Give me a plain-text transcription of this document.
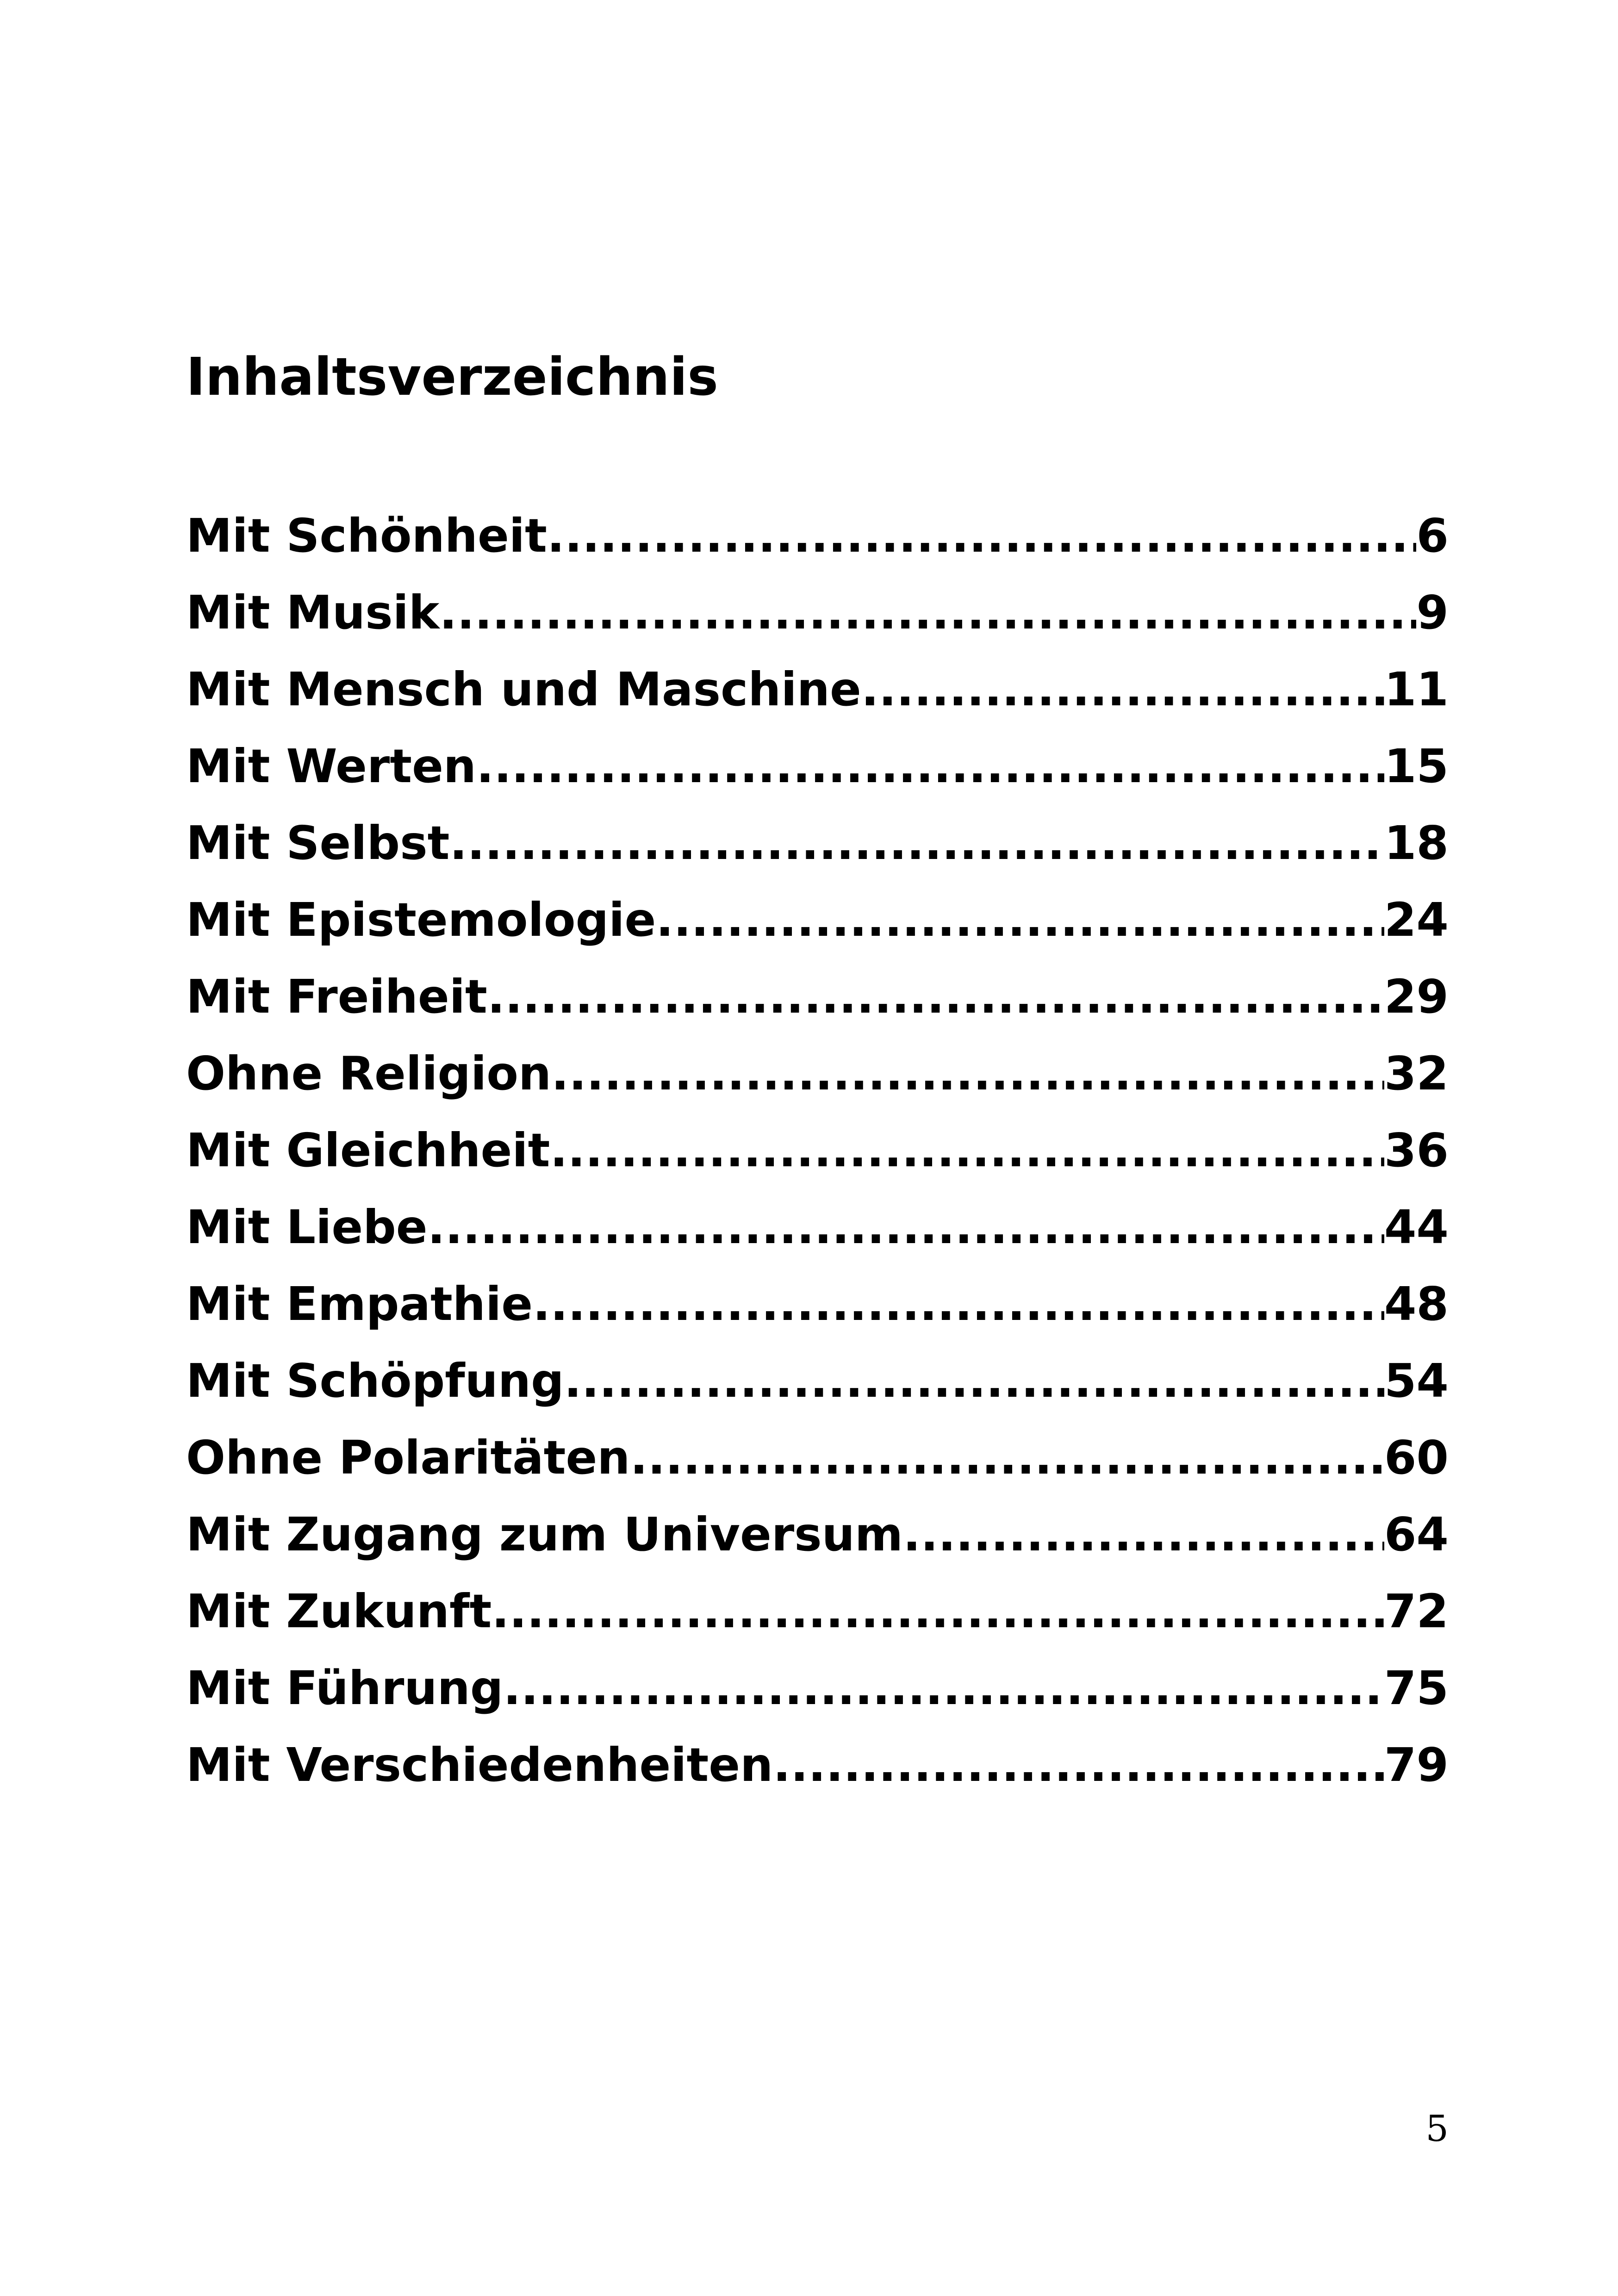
Inhaltsverzeichnis
Mit Schönheit .....	6
Mit Musik .....	9
Mit Mensch und Maschine .....	11
Mit Werten .....	15
Mit Selbst .....	18
Mit Epistemologie .....	24
Mit Freiheit .....	29
Ohne Religion .....	32
Mit Gleichheit .....	36
Mit Liebe .....	44
Mit Empathie .....	48
Mit Schöpfung .....	54
Ohne Polaritäten .....	60
Mit Zugang zum Universum .....	64
Mit Zukunft .....	72
Mit Führung .....	75
Mit Verschiedenheiten .....	79
5
